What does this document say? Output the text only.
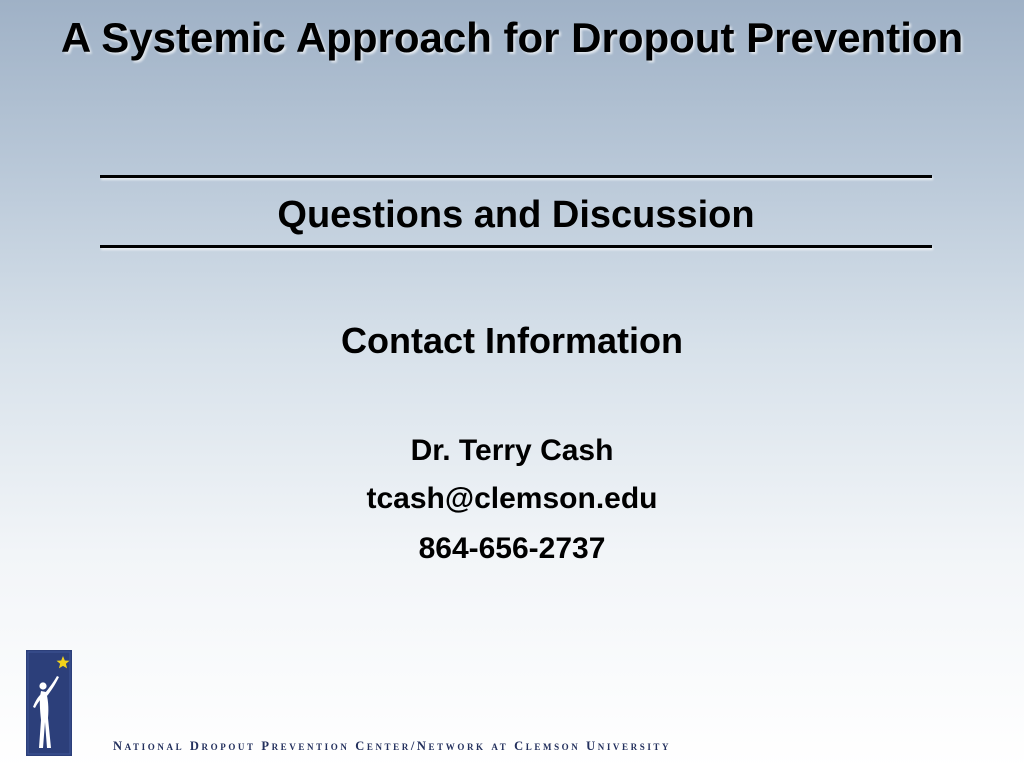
A Systemic Approach for Dropout Prevention
Questions and Discussion
Contact Information
Dr. Terry Cash
tcash@clemson.edu
864-656-2737
National Dropout Prevention Center/Network at Clemson University
